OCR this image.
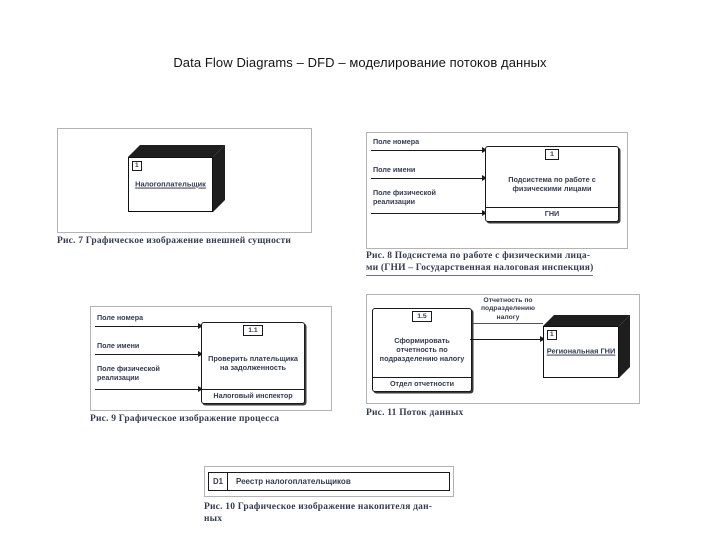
Data Flow Diagrams – DFD – моделирование потоков данных
1
Налогоплательщик
Рис. 7 Графическое изображение внешней сущности
Поле номера
Поле имени
Поле физической реализации
1
Подсистема по работе с физическими лицами
ГНИ
Рис. 8 Подсистема по работе с физическими лица-
ми (ГНИ – Государственная налоговая инспекция)
Поле номера
Поле имени
Поле физической реализации
1.1
Проверить плательщика на задолженность
Налоговый инспектор
Рис. 9 Графическое изображение процесса
1.5
Сформировать отчетность по подразделению налогу
Отдел отчетности
Отчетность по подразделению налогу
1
Региональная ГНИ
Рис. 11 Поток данных
D1	Реестр налогоплательщиков
Рис. 10 Графическое изображение накопителя дан-
ных
